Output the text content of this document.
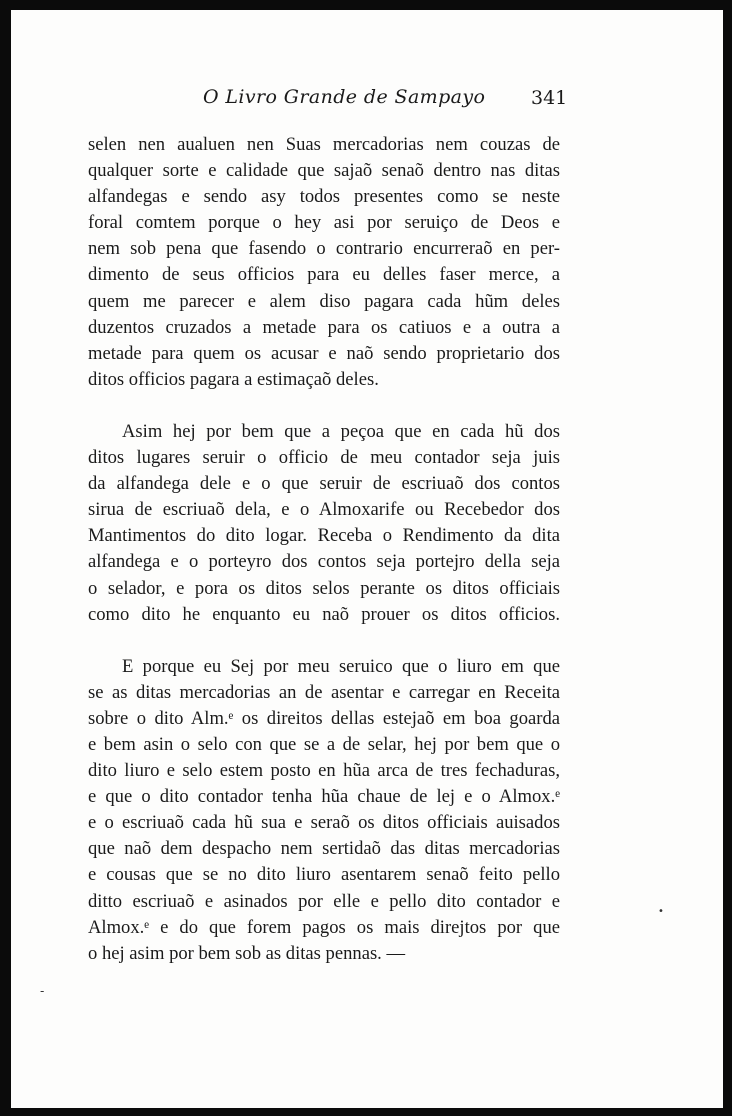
O Livro Grande de Sampayo 341
selen nen aualuen nen Suas mercadorias nem couzas de
qualquer sorte e calidade que sajaõ senaõ dentro nas ditas
alfandegas e sendo asy todos presentes como se neste
foral comtem porque o hey asi por seruiço de Deos e
nem sob pena que fasendo o contrario encurreraõ en per-
dimento de seus officios para eu delles faser merce, a
quem me parecer e alem diso pagara cada hũm deles
duzentos cruzados a metade para os catiuos e a outra a
metade para quem os acusar e naõ sendo proprietario dos
ditos officios pagara a estimaçaõ deles.
Asim hej por bem que a peçoa que en cada hũ dos
ditos lugares seruir o officio de meu contador seja juis
da alfandega dele e o que seruir de escriuaõ dos contos
sirua de escriuaõ dela, e o Almoxarife ou Recebedor dos
Mantimentos do dito logar. Receba o Rendimento da dita
alfandega e o porteyro dos contos seja portejro della seja
o selador, e pora os ditos selos perante os ditos officiais
como dito he enquanto eu naõ prouer os ditos officios.
E porque eu Sej por meu seruico que o liuro em que
se as ditas mercadorias an de asentar e carregar en Receita
sobre o dito Alm.ᵉ os direitos dellas estejaõ em boa goarda
e bem asin o selo con que se a de selar, hej por bem que o
dito liuro e selo estem posto en hũa arca de tres fechaduras,
e que o dito contador tenha hũa chaue de lej e o Almox.ᵉ
e o escriuaõ cada hũ sua e seraõ os ditos officiais auisados
que naõ dem despacho nem sertidaõ das ditas mercadorias
e cousas que se no dito liuro asentarem senaõ feito pello
ditto escriuaõ e asinados por elle e pello dito contador e
Almox.ᵉ e do que forem pagos os mais direjtos por que
o hej asim por bem sob as ditas pennas. —
•
‐
